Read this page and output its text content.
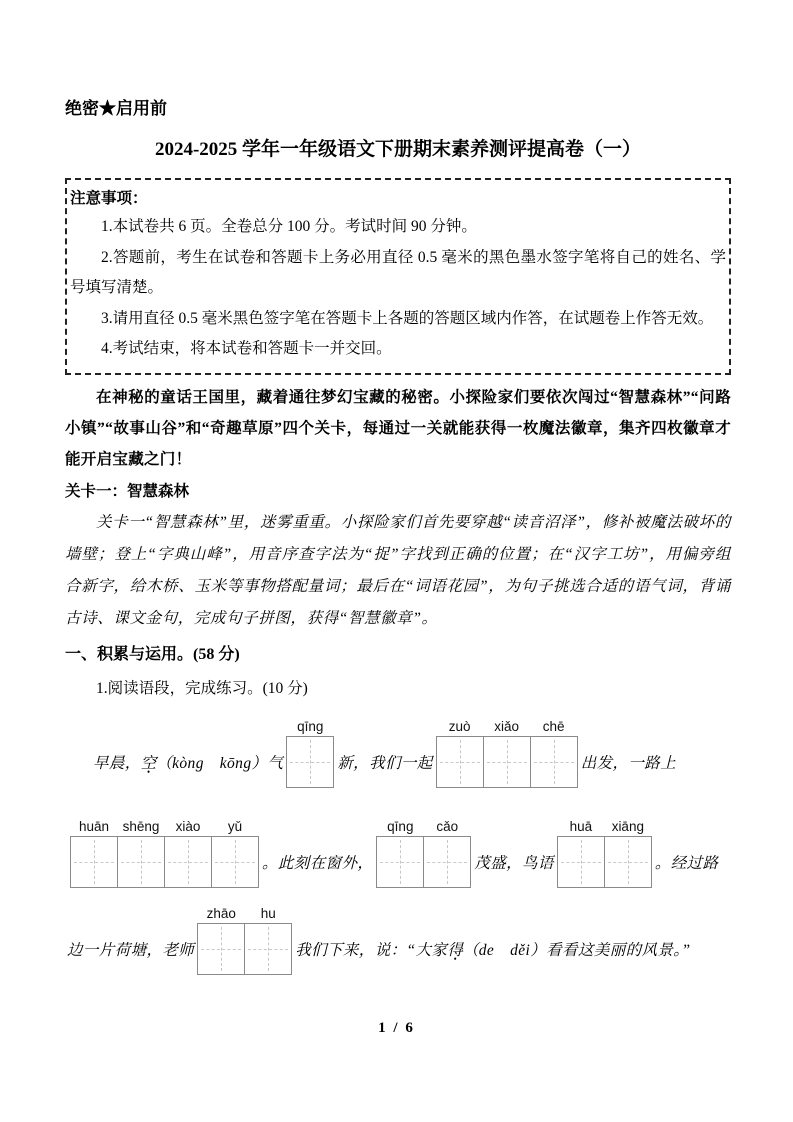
绝密★启用前
2024-2025 学年一年级语文下册期末素养测评提高卷（一）
注意事项：

1.本试卷共 6 页。全卷总分 100 分。考试时间 90 分钟。

2.答题前，考生在试卷和答题卡上务必用直径 0.5 毫米的黑色墨水签字笔将自己的姓名、学号填写清楚。

3.请用直径 0.5 毫米黑色签字笔在答题卡上各题的答题区域内作答，在试题卷上作答无效。

4.考试结束，将本试卷和答题卡一并交回。

在神秘的童话王国里，藏着通往梦幻宝藏的秘密。小探险家们要依次闯过“智慧森林”“问路小镇”“故事山谷”和“奇趣草原”四个关卡，每通过一关就能获得一枚魔法徽章，集齐四枚徽章才能开启宝藏之门！
关卡一：智慧森林
关卡一“智慧森林”里，迷雾重重。小探险家们首先要穿越“读音沼泽”，修补被魔法破坏的墙壁；登上“字典山峰”，用音序查字法为“捉”字找到正确的位置；在“汉字工坊”，用偏旁组合新字，给木桥、玉米等事物搭配量词；最后在“词语花园”，为句子挑选合适的语气词，背诵古诗、课文金句，完成句子拼图，获得“智慧徽章”。
一、积累与运用。(58 分)
1.阅读语段，完成练习。(10 分)
早晨， 空 • （kòng　kōng）气
qīng
新，我们一起
zuò	xiǎo	chē
出发，一路上
huān	shēng	xiào	yǔ
。此刻在窗外，
qīng	cǎo
茂盛，鸟语
huā	xiāng
。经过路
边一片荷塘，老师
zhāo	hu
我们下来，说：“大家 得 • （de　děi）看看这美丽的风景。”
1 / 6
